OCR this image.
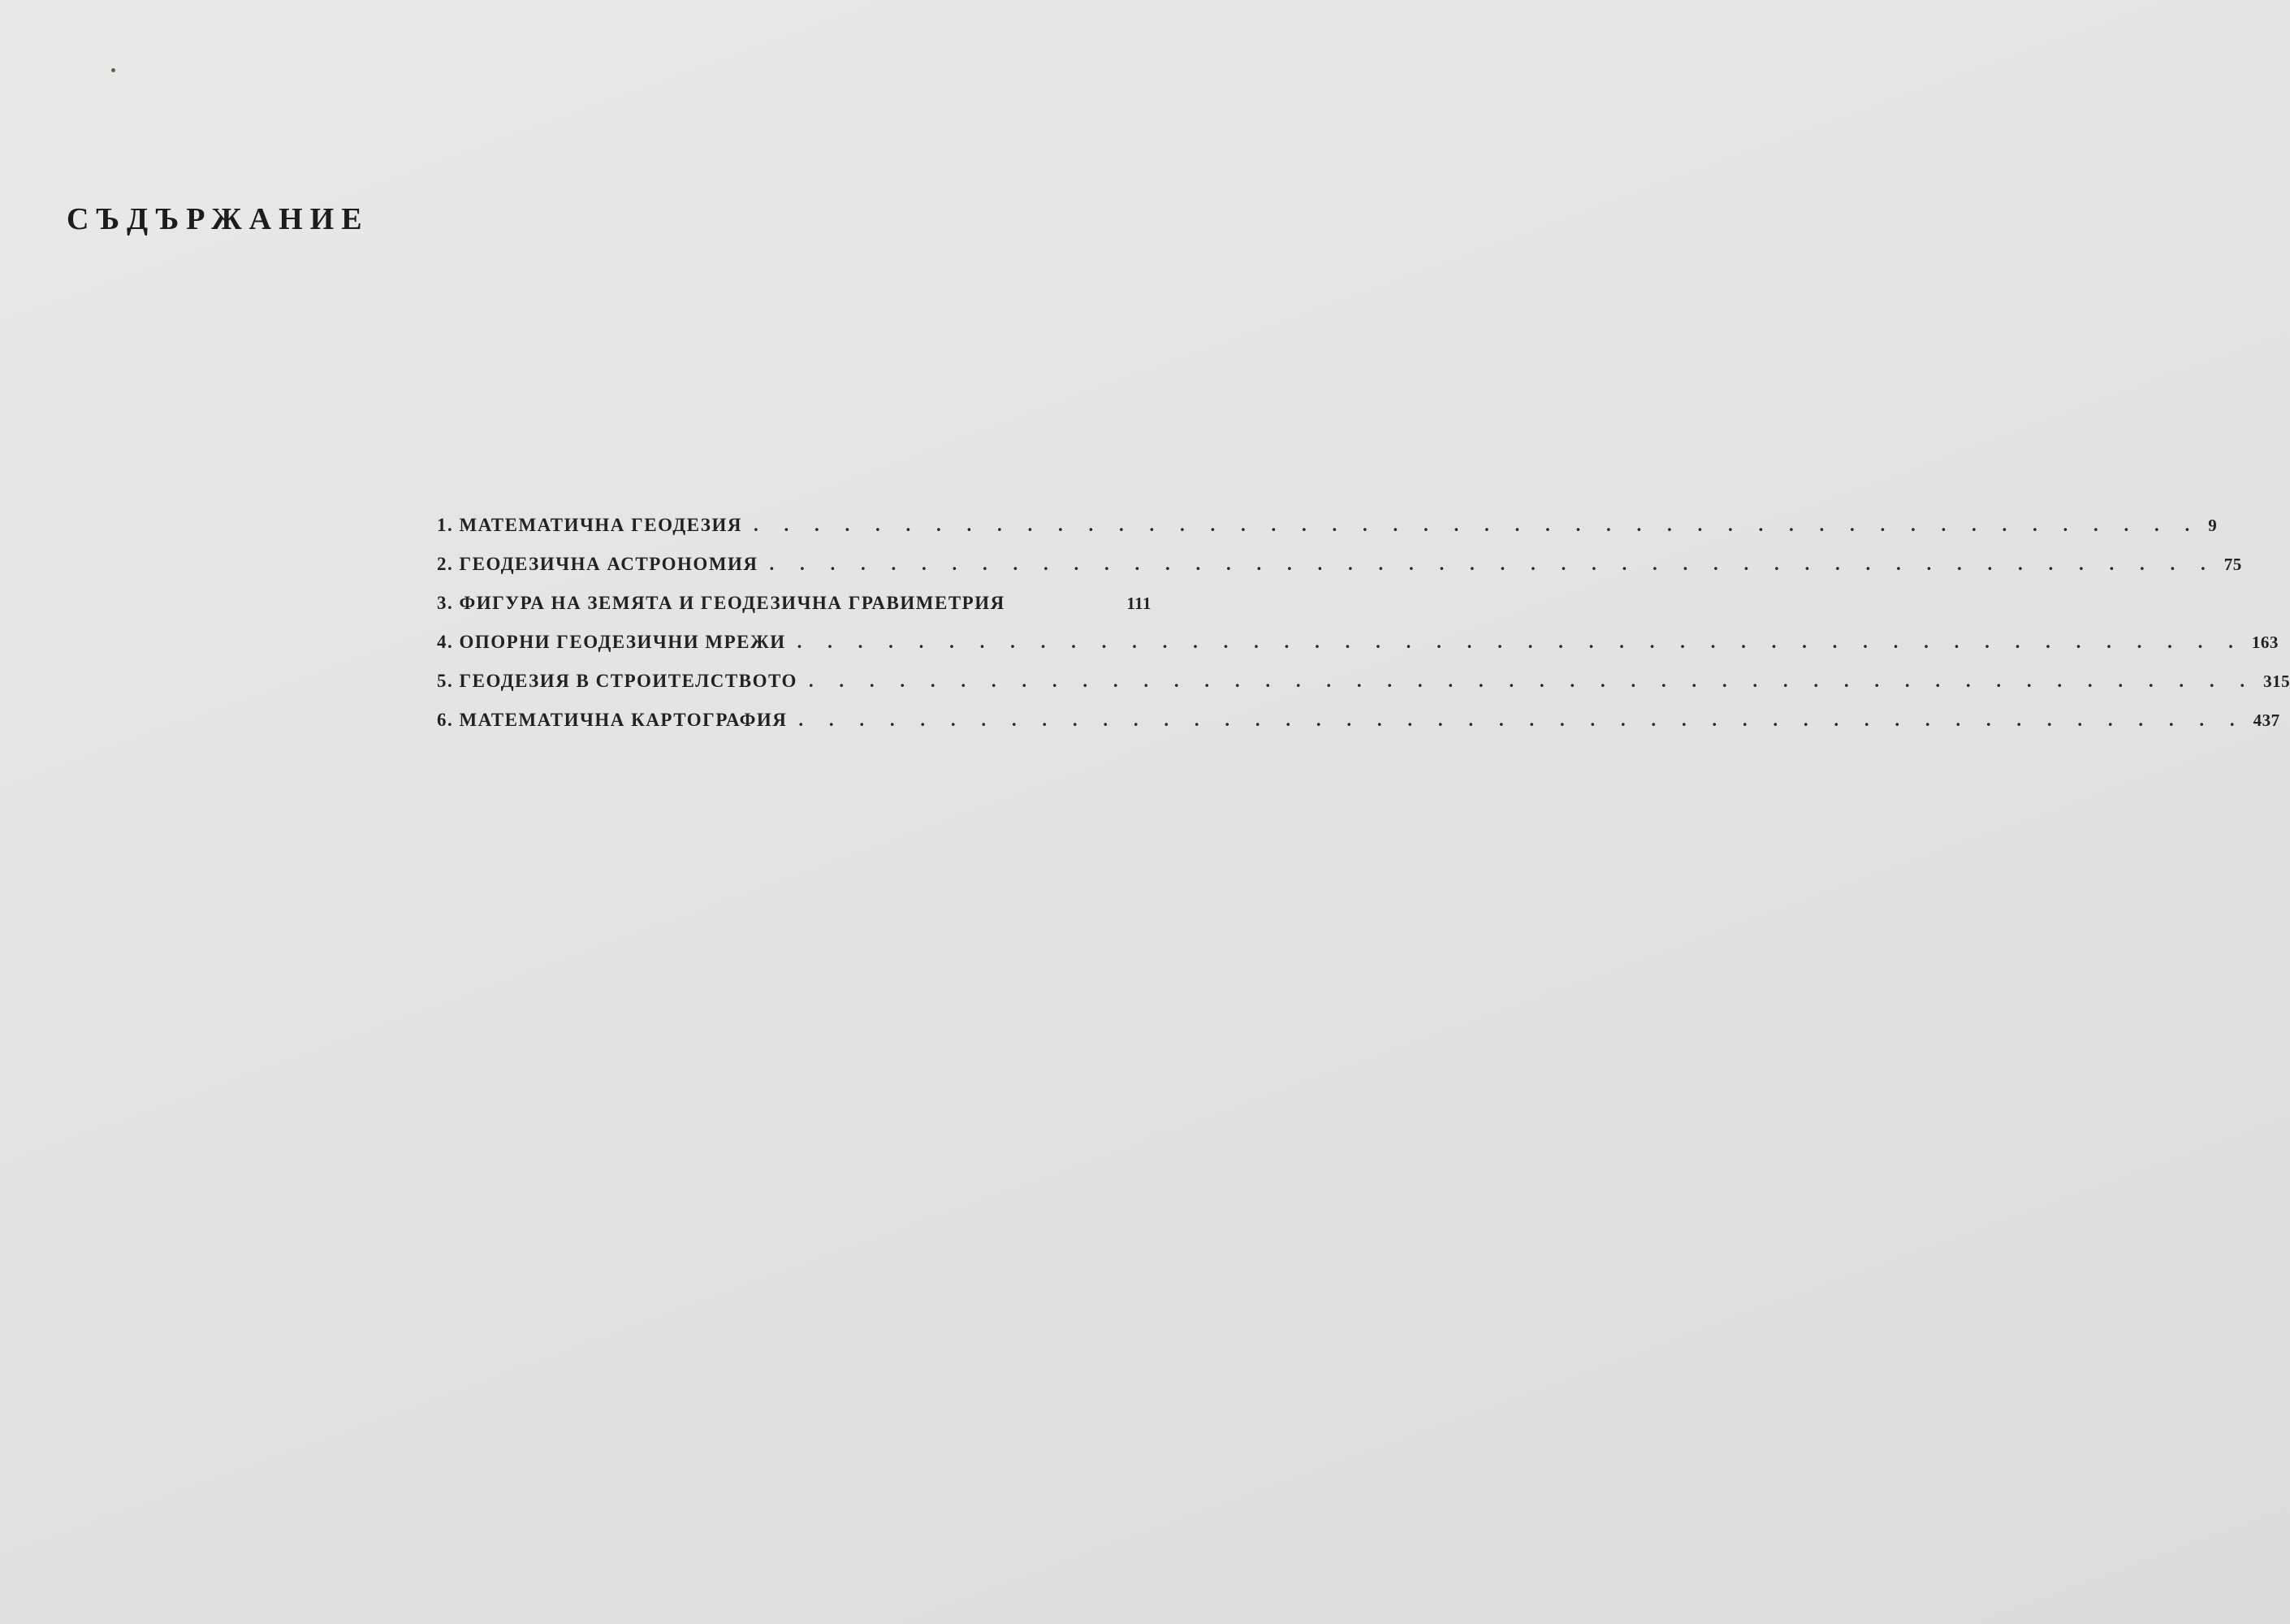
СЪДЪРЖАНИЕ
1. МАТЕМАТИЧНА ГЕОДЕЗИЯ . . . . . . . . . . . . . . . . . . . . . . . . . . . . . . . . . . . . . . . . . . . . . . . . 9
2. ГЕОДЕЗИЧНА АСТРОНОМИЯ . . . . . . . . . . . . . . . . . . . . . . . . . . . . . . . . . . . . . . . . . . . . . . . . 75
3. ФИГУРА НА ЗЕМЯТА И ГЕОДЕЗИЧНА ГРАВИМЕТРИЯ	111
4. ОПОРНИ ГЕОДЕЗИЧНИ МРЕЖИ . . . . . . . . . . . . . . . . . . . . . . . . . . . . . . . . . . . . . . . . . . . . . . . . 163
5. ГЕОДЕЗИЯ В СТРОИТЕЛСТВОТО . . . . . . . . . . . . . . . . . . . . . . . . . . . . . . . . . . . . . . . . . . . . . . . . 315
6. МАТЕМАТИЧНА КАРТОГРАФИЯ . . . . . . . . . . . . . . . . . . . . . . . . . . . . . . . . . . . . . . . . . . . . . . . . 437
